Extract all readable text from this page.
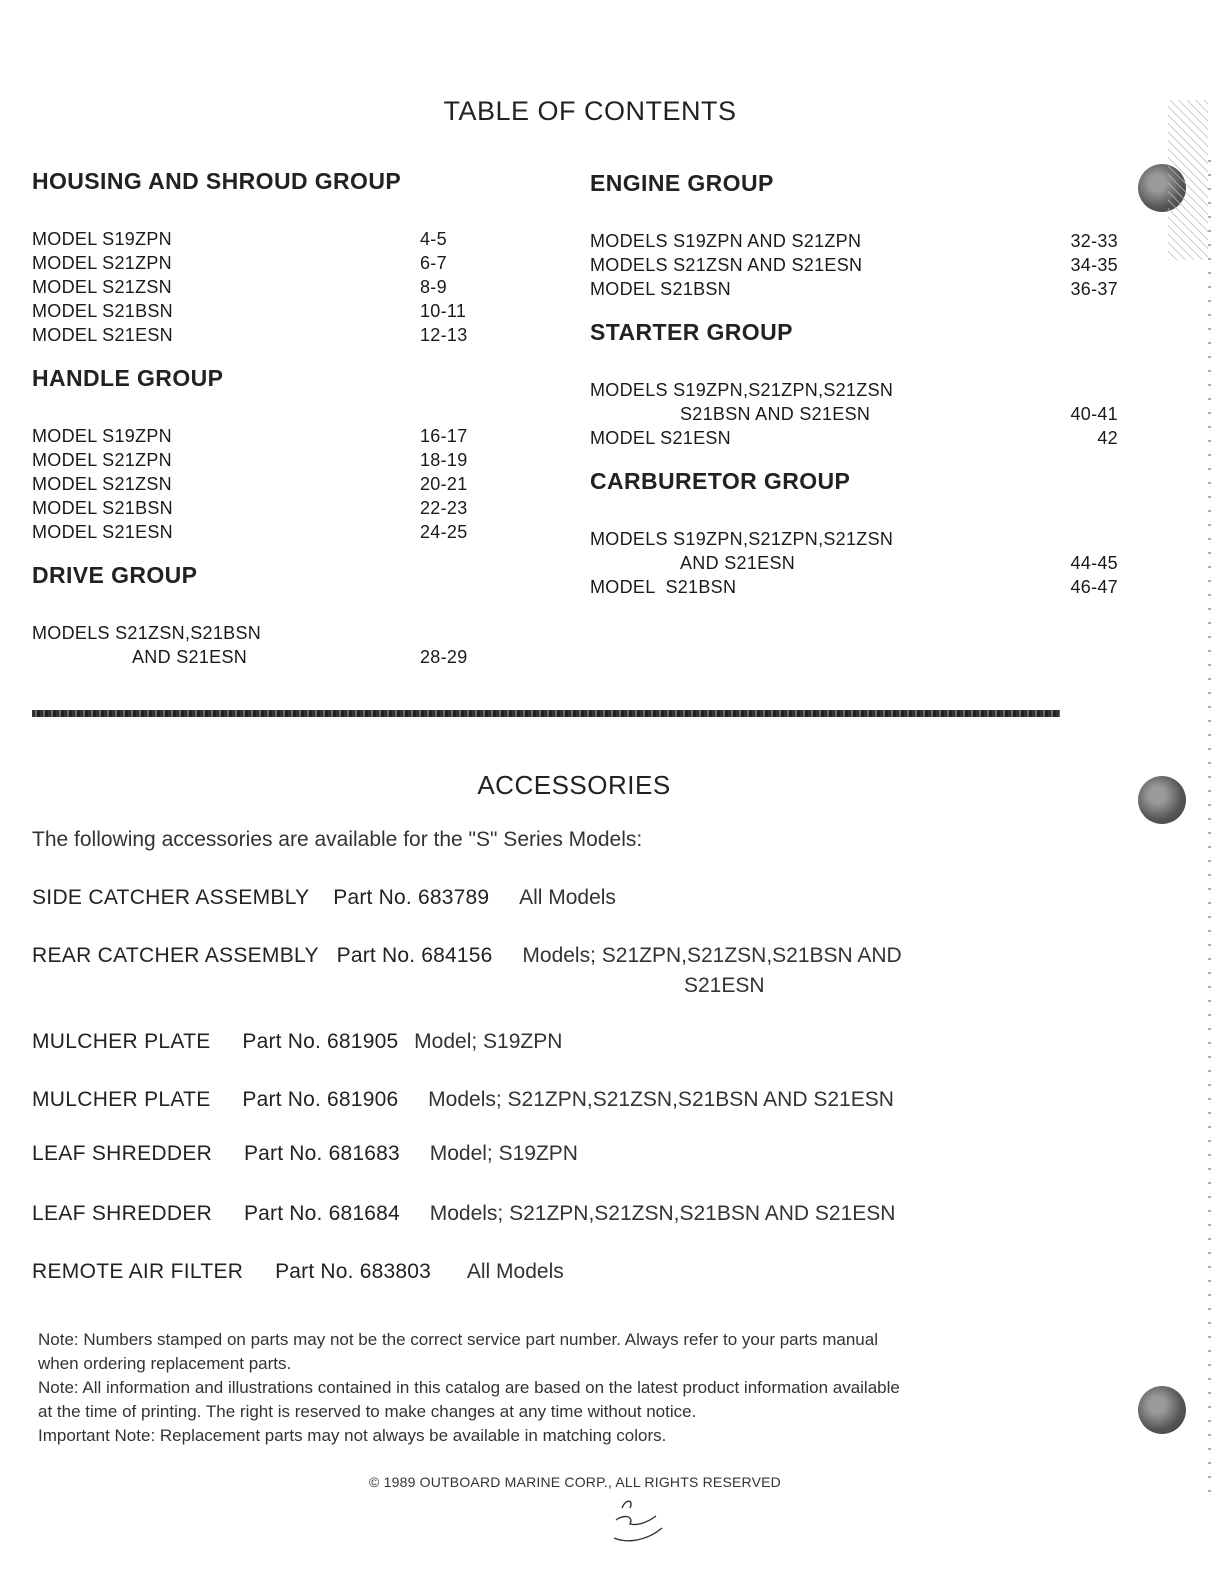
TABLE OF CONTENTS
HOUSING AND SHROUD GROUP
MODEL S19ZPN	4-5
MODEL S21ZPN	6-7
MODEL S21ZSN	8-9
MODEL S21BSN	10-11
MODEL S21ESN	12-13
HANDLE GROUP
MODEL S19ZPN	16-17
MODEL S21ZPN	18-19
MODEL S21ZSN	20-21
MODEL S21BSN	22-23
MODEL S21ESN	24-25
DRIVE GROUP
MODELS S21ZSN,S21BSN
AND S21ESN	28-29
ENGINE GROUP
MODELS S19ZPN AND S21ZPN	32-33
MODELS S21ZSN AND S21ESN	34-35
MODEL S21BSN	36-37
STARTER GROUP
MODELS S19ZPN,S21ZPN,S21ZSN
S21BSN AND S21ESN	40-41
MODEL S21ESN	42
CARBURETOR GROUP
MODELS S19ZPN,S21ZPN,S21ZSN
AND S21ESN	44-45
MODEL  S21BSN	46-47
ACCESSORIES
The following accessories are available for the "S" Series Models:
SIDE CATCHER ASSEMBLY Part No. 683789 All Models
REAR CATCHER ASSEMBLY Part No. 684156 Models; S21ZPN,S21ZSN,S21BSN AND
S21ESN
MULCHER PLATE Part No. 681905 Model; S19ZPN
MULCHER PLATE Part No. 681906 Models; S21ZPN,S21ZSN,S21BSN AND S21ESN
LEAF SHREDDER Part No. 681683 Model; S19ZPN
LEAF SHREDDER Part No. 681684 Models; S21ZPN,S21ZSN,S21BSN AND S21ESN
REMOTE AIR FILTER Part No. 683803 All Models
Note: Numbers stamped on parts may not be the correct service part number. Always refer to your parts manual
when ordering replacement parts.
Note: All information and illustrations contained in this catalog are based on the latest product information available
at the time of printing. The right is reserved to make changes at any time without notice.
Important Note: Replacement parts may not always be available in matching colors.
© 1989 OUTBOARD MARINE CORP., ALL RIGHTS RESERVED
